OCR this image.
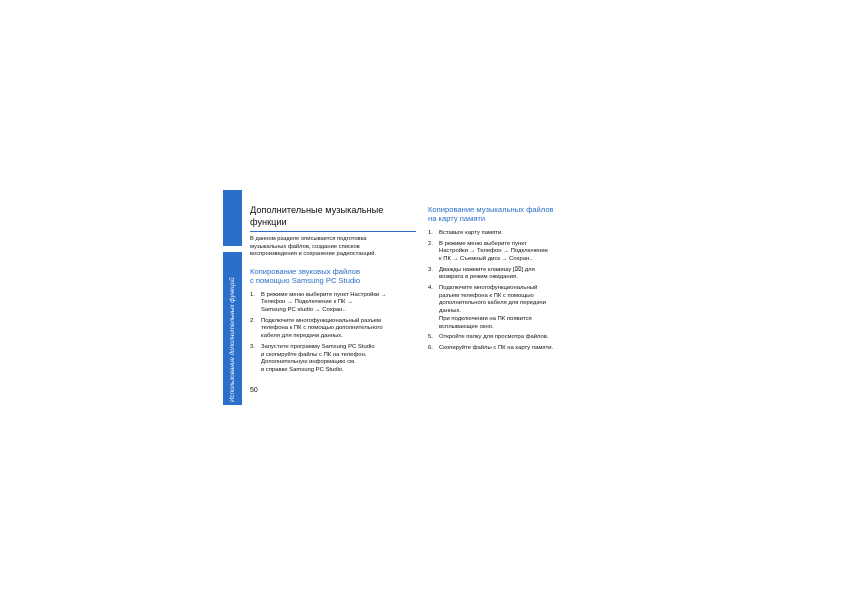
Дополнительные музыкальные
функции

В данном разделе описывается подготовка
музыкальных файлов, создание списков
воспроизведения и сохранение радиостанций.

Копирование звуковых файлов
с помощью Samsung PC Studio
1.	В режиме меню выберите пункт Настройки →
Телефон → Подключение к ПК →
Samsung PC studio → Сохран..
2.	Подключите многофункциональный разъем
телефона к ПК с помощью дополнительного
кабеля для передачи данных.
3.	Запустите программу Samsung PC Studio
и скопируйте файлы с ПК на телефон.
Дополнительную информацию см.
в справке Samsung PC Studio.
Копирование музыкальных файлов
на карту памяти
1.	Вставьте карту памяти.
2.	В режиме меню выберите пункт
Настройки → Телефон → Подключение
к ПК → Съемный диск → Сохран..
3.	Дважды нажмите клавишу [⌧] для
возврата в режим ожидания.
4.	Подключите многофункциональный
разъем телефона к ПК с помощью
дополнительного кабеля для передачи
данных.
При подключении на ПК появится
всплывающее окно.
5.	Откройте папку для просмотра файлов.
6.	Скопируйте файлы с ПК на карту памяти.
50
